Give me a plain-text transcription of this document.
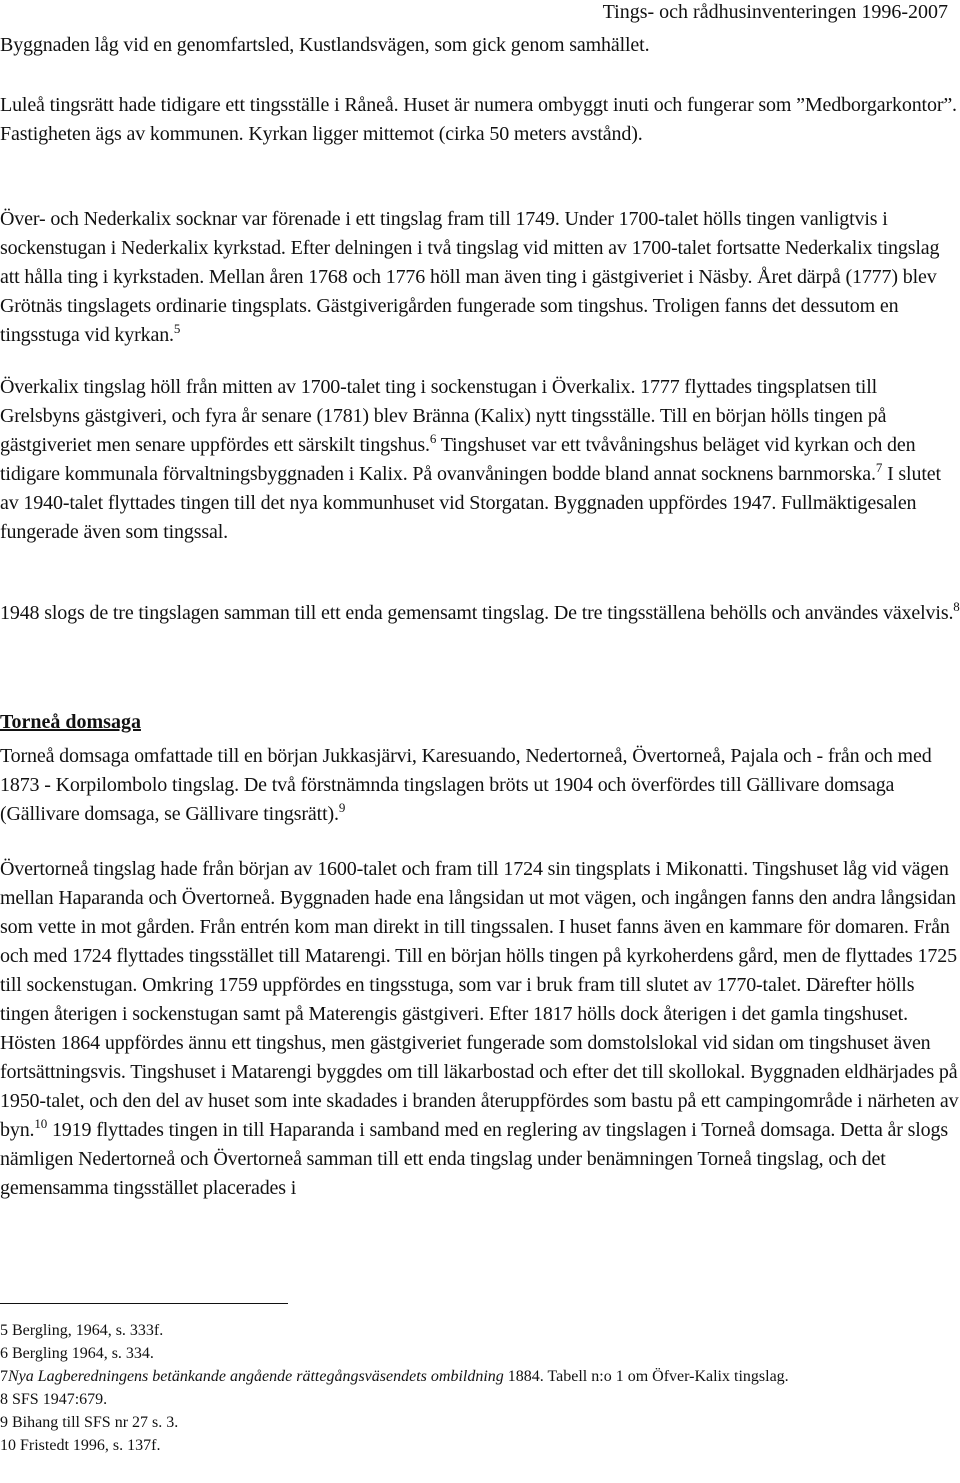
Tings- och rådhusinventeringen 1996-2007

Byggnaden låg vid en genomfartsled, Kustlandsvägen, som gick genom samhället.

Luleå tingsrätt hade tidigare ett tingsställe i Råneå. Huset är numera ombyggt inuti och fungerar som ”Medborgarkontor”. Fastigheten ägs av kommunen. Kyrkan ligger mittemot (cirka 50 meters avstånd).

Över- och Nederkalix socknar var förenade i ett tingslag fram till 1749. Under 1700-talet hölls tingen vanligtvis i sockenstugan i Nederkalix kyrkstad. Efter delningen i två tingslag vid mitten av 1700-talet fortsatte Nederkalix tingslag att hålla ting i kyrkstaden. Mellan åren 1768 och 1776 höll man även ting i gästgiveriet i Näsby. Året därpå (1777) blev Grötnäs tingslagets ordinarie tingsplats. Gästgiverigården fungerade som tingshus. Troligen fanns det dessutom en tingsstuga vid kyrkan.$^5$

Överkalix tingslag höll från mitten av 1700-talet ting i sockenstugan i Överkalix. 1777 flyttades tingsplatsen till Grelsbyns gästgiveri, och fyra år senare (1781) blev Bränna (Kalix) nytt tingsställe. Till en början hölls tingen på gästgiveriet men senare uppfördes ett särskilt tingshus.$^6$ Tingshuset var ett tvåvåningshus beläget vid kyrkan och den tidigare kommunala förvaltningsbyggnaden i Kalix. På ovanvåningen bodde bland annat socknens barnmorska.$^7$ I slutet av 1940-talet flyttades tingen till det nya kommunhuset vid Storgatan. Byggnaden uppfördes 1947. Fullmäktigesalen fungerade även som tingssal.

1948 slogs de tre tingslagen samman till ett enda gemensamt tingslag. De tre tingsställena behölls och användes växelvis.$^8$

Torneå domsaga

Torneå domsaga omfattade till en början Jukkasjärvi, Karesuando, Nedertorneå, Övertorneå, Pajala och - från och med 1873 - Korpilombolo tingslag. De två förstnämnda tingslagen bröts ut 1904 och överfördes till Gällivare domsaga (Gällivare domsaga, se Gällivare tingsrätt).$^9$

Övertorneå tingslag hade från början av 1600-talet och fram till 1724 sin tingsplats i Mikonatti. Tingshuset låg vid vägen mellan Haparanda och Övertorneå. Byggnaden hade ena långsidan ut mot vägen, och ingången fanns den andra långsidan som vette in mot gården. Från entrén kom man direkt in till tingssalen. I huset fanns även en kammare för domaren. Från och med 1724 flyttades tingsstället till Matarengi. Till en början hölls tingen på kyrkoherdens gård, men de flyttades 1725 till sockenstugan. Omkring 1759 uppfördes en tingsstuga, som var i bruk fram till slutet av 1770-talet. Därefter hölls tingen återigen i sockenstugan samt på Materengis gästgiveri. Efter 1817 hölls dock återigen i det gamla tingshuset. Hösten 1864 uppfördes ännu ett tingshus, men gästgiveriet fungerade som domstolslokal vid sidan om tingshuset även fortsättningsvis. Tingshuset i Matarengi byggdes om till läkarbostad och efter det till skollokal. Byggnaden eldhärjades på 1950-talet, och den del av huset som inte skadades i branden återuppfördes som bastu på ett campingområde i närheten av byn.$^{10}$ 1919 flyttades tingen in till Haparanda i samband med en reglering av tingslagen i Torneå domsaga. Detta år slogs nämligen Nedertorneå och Övertorneå samman till ett enda tingslag under benämningen Torneå tingslag, och det gemensamma tingsstället placerades i

5 Bergling, 1964, s. 333f.
6 Bergling 1964, s. 334.
7Nya Lagberedningens betänkande angående rättegångsväsendets ombildning 1884. Tabell n:o 1 om Öfver-Kalix tingslag.
8 SFS 1947:679.
9 Bihang till SFS nr 27 s. 3.
10 Fristedt 1996, s. 137f.
